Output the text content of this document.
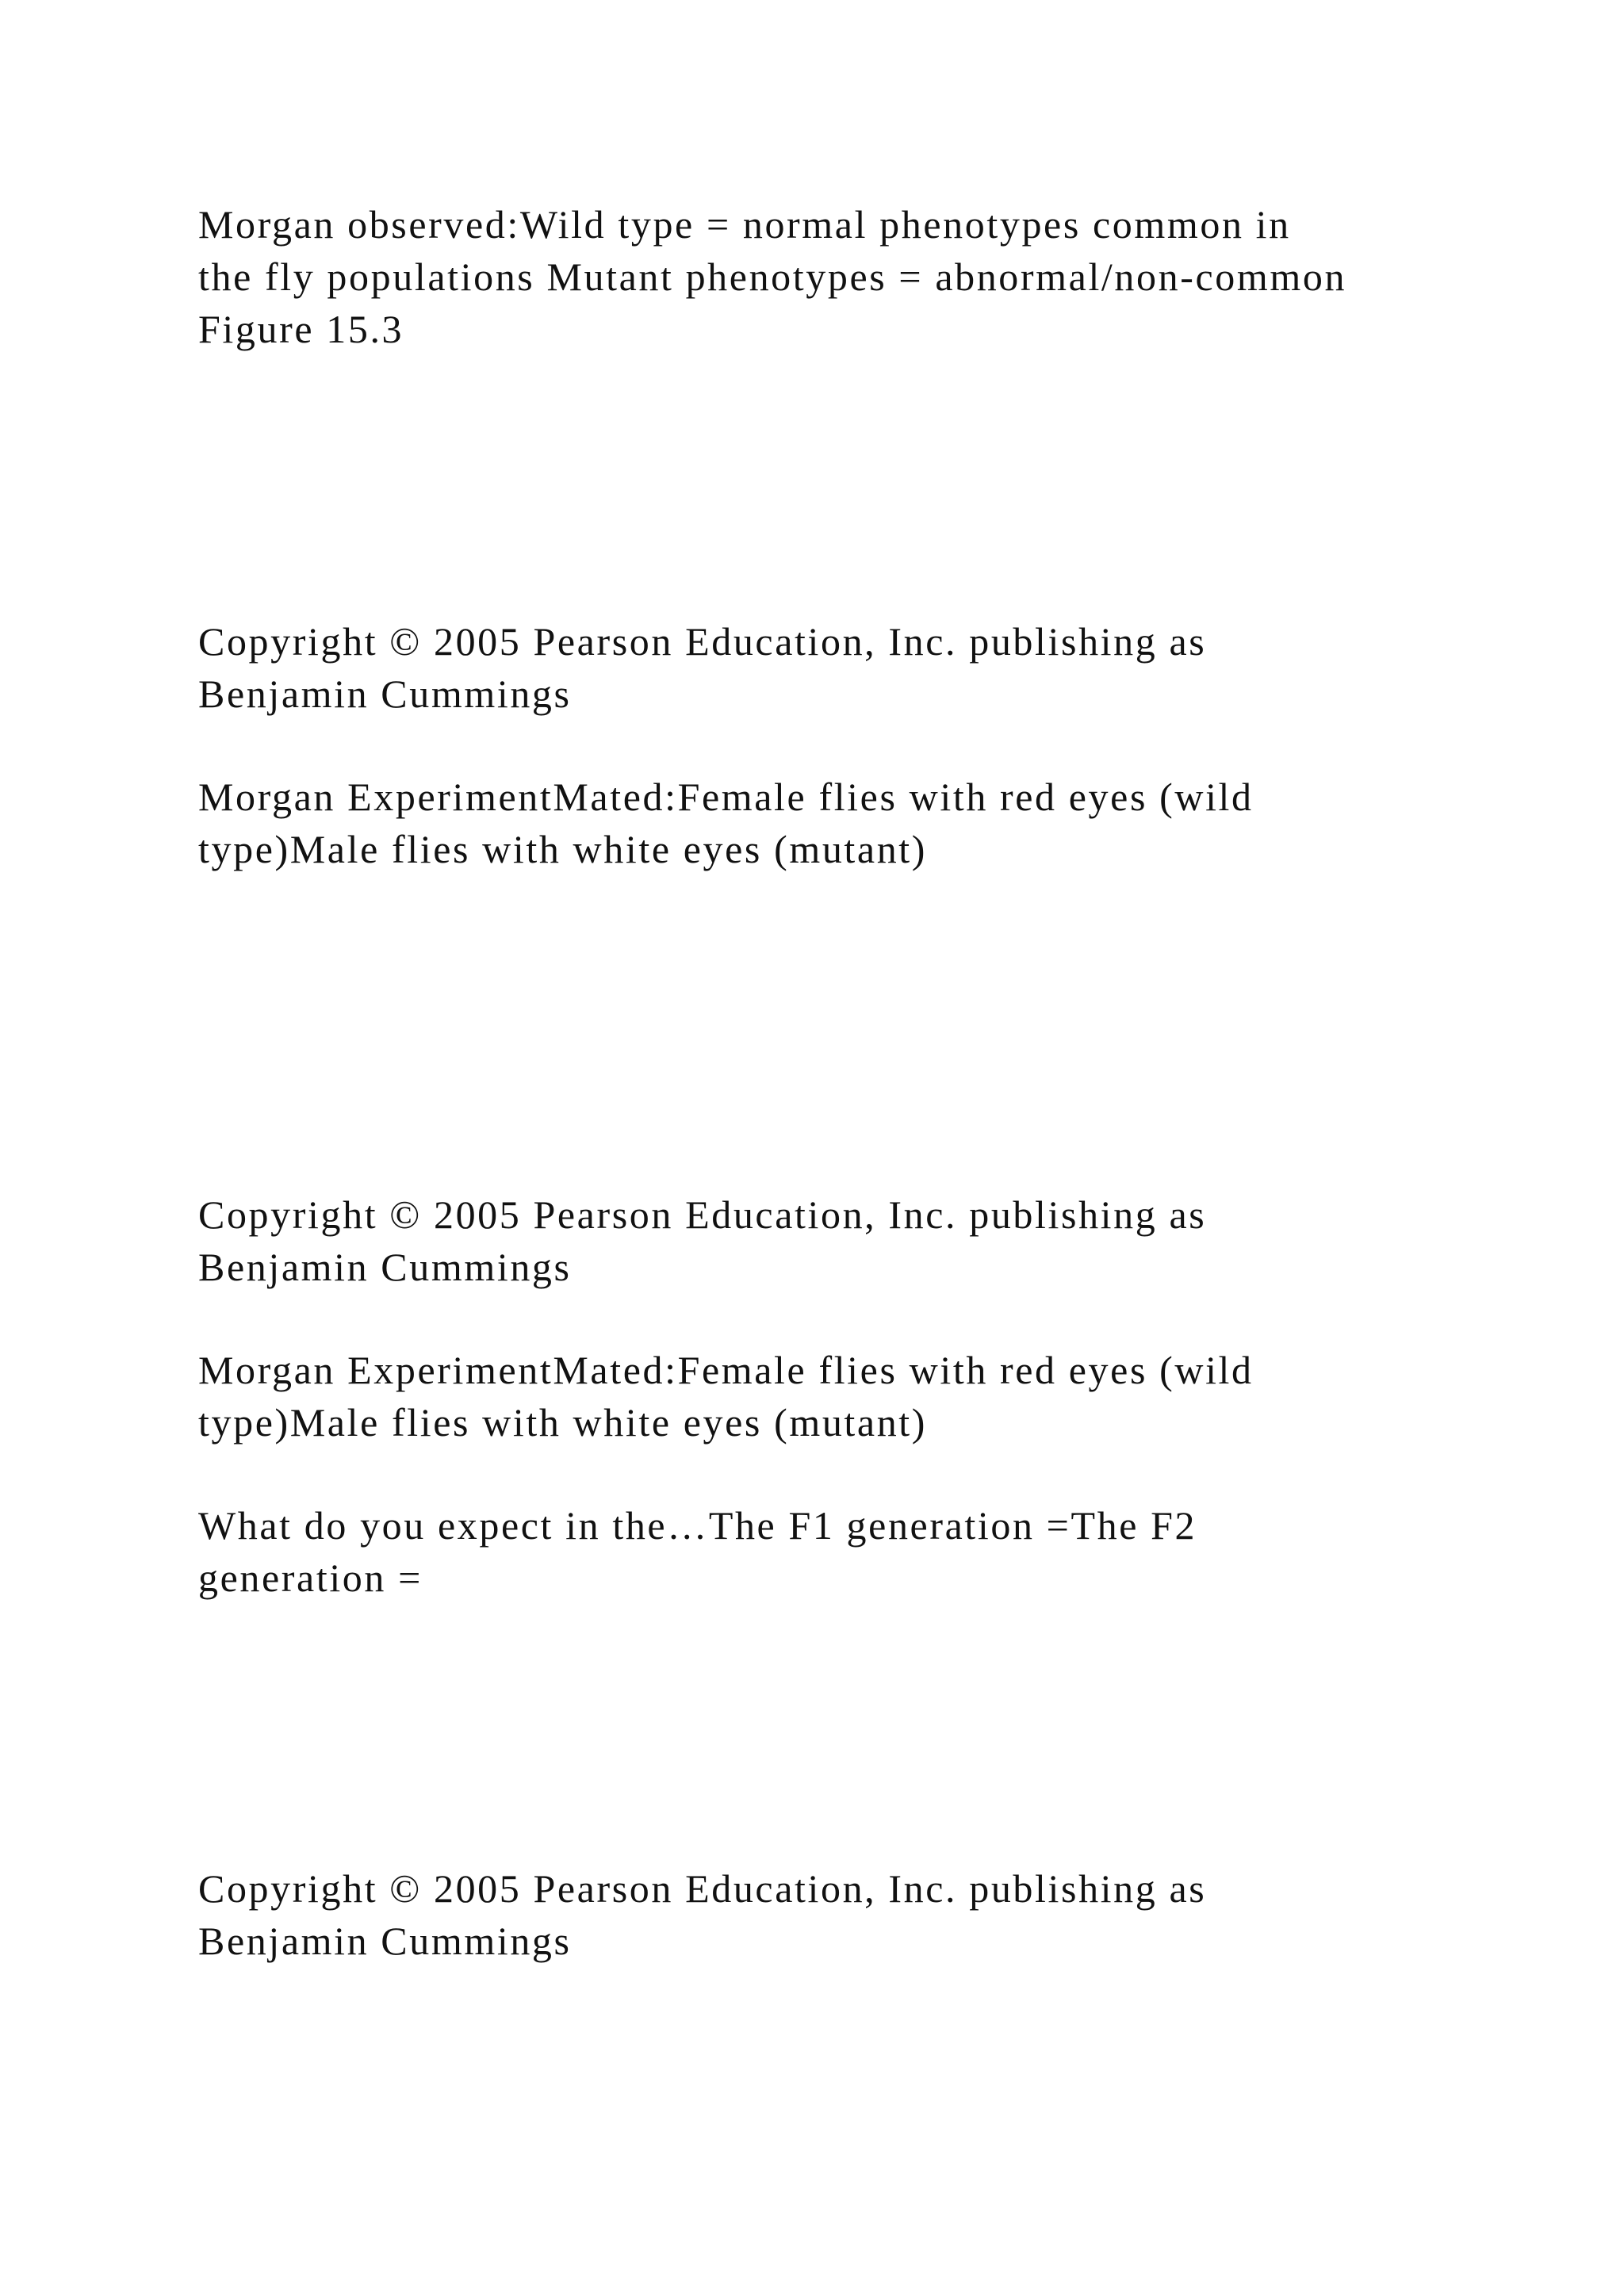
Morgan observed:Wild type = normal phenotypes common in
the fly populations Mutant phenotypes = abnormal/non-common
Figure 15.3

Copyright © 2005 Pearson Education, Inc. publishing as
Benjamin Cummings

Morgan ExperimentMated:Female flies with red eyes (wild
type)Male flies with white eyes (mutant)

Copyright © 2005 Pearson Education, Inc. publishing as
Benjamin Cummings

Morgan ExperimentMated:Female flies with red eyes (wild
type)Male flies with white eyes (mutant)

What do you expect in the…The F1 generation =The F2
generation =

Copyright © 2005 Pearson Education, Inc. publishing as
Benjamin Cummings
